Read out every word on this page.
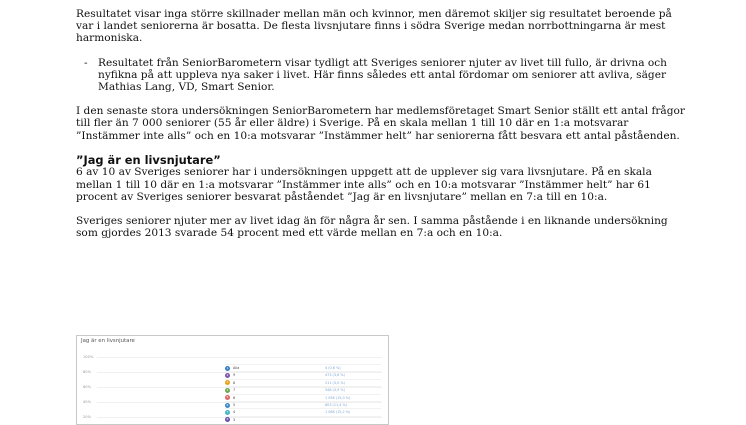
Resultatet visar inga större skillnader mellan män och kvinnor, men däremot skiljer sig resultatet beroende på var i landet seniorerna är bosatta. De flesta livsnjutare finns i södra Sverige medan norrbottningarna är mest harmoniska.

- Resultatet från SeniorBarometern visar tydligt att Sveriges seniorer njuter av livet till fullo, är drivna och nyfikna på att uppleva nya saker i livet. Här finns således ett antal fördomar om seniorer att avliva, säger Mathias Lang, VD, Smart Senior.

I den senaste stora undersökningen SeniorBarometern har medlemsföretaget Smart Senior ställt ett antal frågor till fler än 7 000 seniorer (55 år eller äldre) i Sverige. På en skala mellan 1 till 10 där en 1:a motsvarar ”Instämmer inte alls” och en 10:a motsvarar ”Instämmer helt” har seniorerna fått besvara ett antal påståenden.

”Jag är en livsnjutare”

6 av 10 av Sveriges seniorer har i undersökningen uppgett att de upplever sig vara livsnjutare. På en skala mellan 1 till 10 där en 1:a motsvarar ”Instämmer inte alls” och en 10:a motsvarar ”Instämmer helt” har 61 procent av Sveriges seniorer besvarat påståendet ”Jag är en livsnjutare” mellan en 7:a till en 10:a.

Sveriges seniorer njuter mer av livet idag än för några år sen. I samma påstående i en liknande undersökning som gjordes 2013 svarade 54 procent med ett värde mellan en 7:a och en 10:a.

Jag är en livsnjutare
100%
80%
60%
40%
20%
1	Alla	4 (0,6 %)
2	9	473 (3,6 %)
3	8	211 (3,0 %)
4	7	348 (4,9 %)
5	6	1 058 (15,0 %)
6	5	803 (11,4 %)
7	4	1 068 (15,2 %)
8	3
